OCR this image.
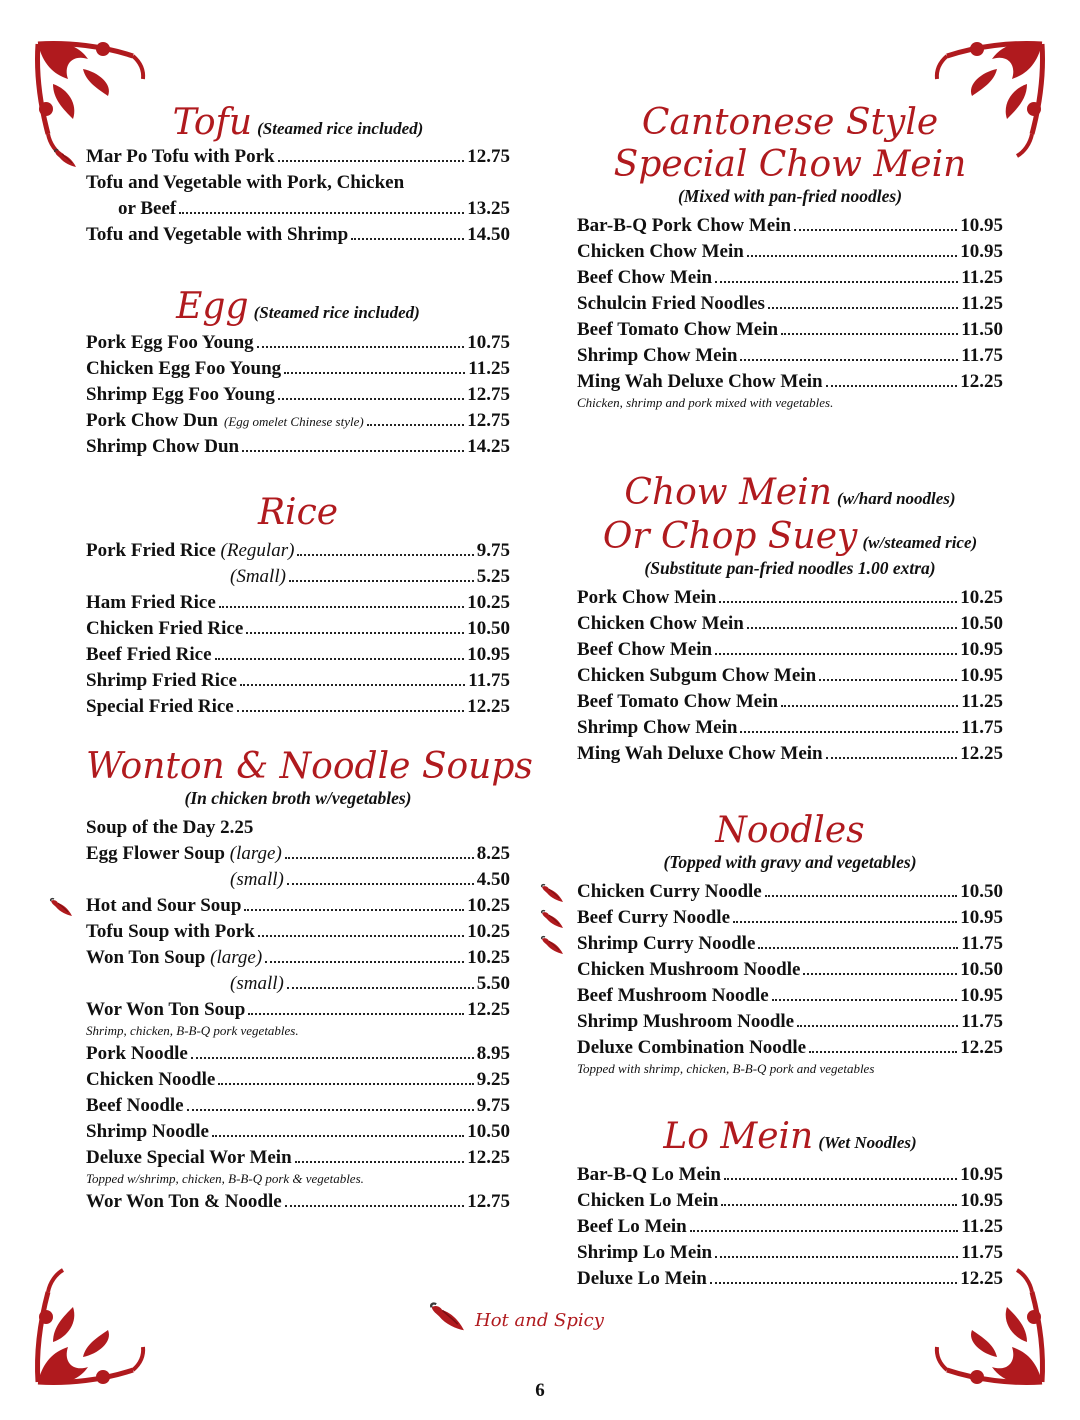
Tofu (Steamed rice included)
Mar Po Tofu with Pork	12.75
Tofu and Vegetable with Pork, Chicken
or Beef	13.25
Tofu and Vegetable with Shrimp	14.50
Egg (Steamed rice included)
Pork Egg Foo Young	10.75
Chicken Egg Foo Young	11.25
Shrimp Egg Foo Young	12.75
Pork Chow Dun (Egg omelet Chinese style)	12.75
Shrimp Chow Dun	14.25
Rice
Pork Fried Rice (Regular)	9.75
(Small)	5.25
Ham Fried Rice	10.25
Chicken Fried Rice	10.50
Beef Fried Rice	10.95
Shrimp Fried Rice	11.75
Special Fried Rice	12.25
Wonton & Noodle Soups
(In chicken broth w/vegetables)
Soup of the Day 2.25
Egg Flower Soup (large)	8.25
(small)	4.50
Hot and Sour Soup	10.25
Tofu Soup with Pork	10.25
Won Ton Soup (large)	10.25
(small)	5.50
Wor Won Ton Soup	12.25
Shrimp, chicken, B-B-Q pork vegetables.
Pork Noodle	8.95
Chicken Noodle	9.25
Beef Noodle	9.75
Shrimp Noodle	10.50
Deluxe Special Wor Mein	12.25
Topped w/shrimp, chicken, B-B-Q pork & vegetables.
Wor Won Ton & Noodle	12.75
Cantonese Style
Special Chow Mein
(Mixed with pan-fried noodles)
Bar-B-Q Pork Chow Mein	10.95
Chicken Chow Mein	10.95
Beef Chow Mein	11.25
Schulcin Fried Noodles	11.25
Beef Tomato Chow Mein	11.50
Shrimp Chow Mein	11.75
Ming Wah Deluxe Chow Mein	12.25
Chicken, shrimp and pork mixed with vegetables.
Chow Mein (w/hard noodles)
Or Chop Suey (w/steamed rice)
(Substitute pan-fried noodles 1.00 extra)
Pork Chow Mein	10.25
Chicken Chow Mein	10.50
Beef Chow Mein	10.95
Chicken Subgum Chow Mein	10.95
Beef Tomato Chow Mein	11.25
Shrimp Chow Mein	11.75
Ming Wah Deluxe Chow Mein	12.25
Noodles
(Topped with gravy and vegetables)
Chicken Curry Noodle	10.50
Beef Curry Noodle	10.95
Shrimp Curry Noodle	11.75
Chicken Mushroom Noodle	10.50
Beef Mushroom Noodle	10.95
Shrimp Mushroom Noodle	11.75
Deluxe Combination Noodle	12.25
Topped with shrimp, chicken, B-B-Q pork and vegetables
Lo Mein (Wet Noodles)
Bar-B-Q Lo Mein	10.95
Chicken Lo Mein	10.95
Beef Lo Mein	11.25
Shrimp Lo Mein	11.75
Deluxe Lo Mein	12.25
Hot and Spicy
6
